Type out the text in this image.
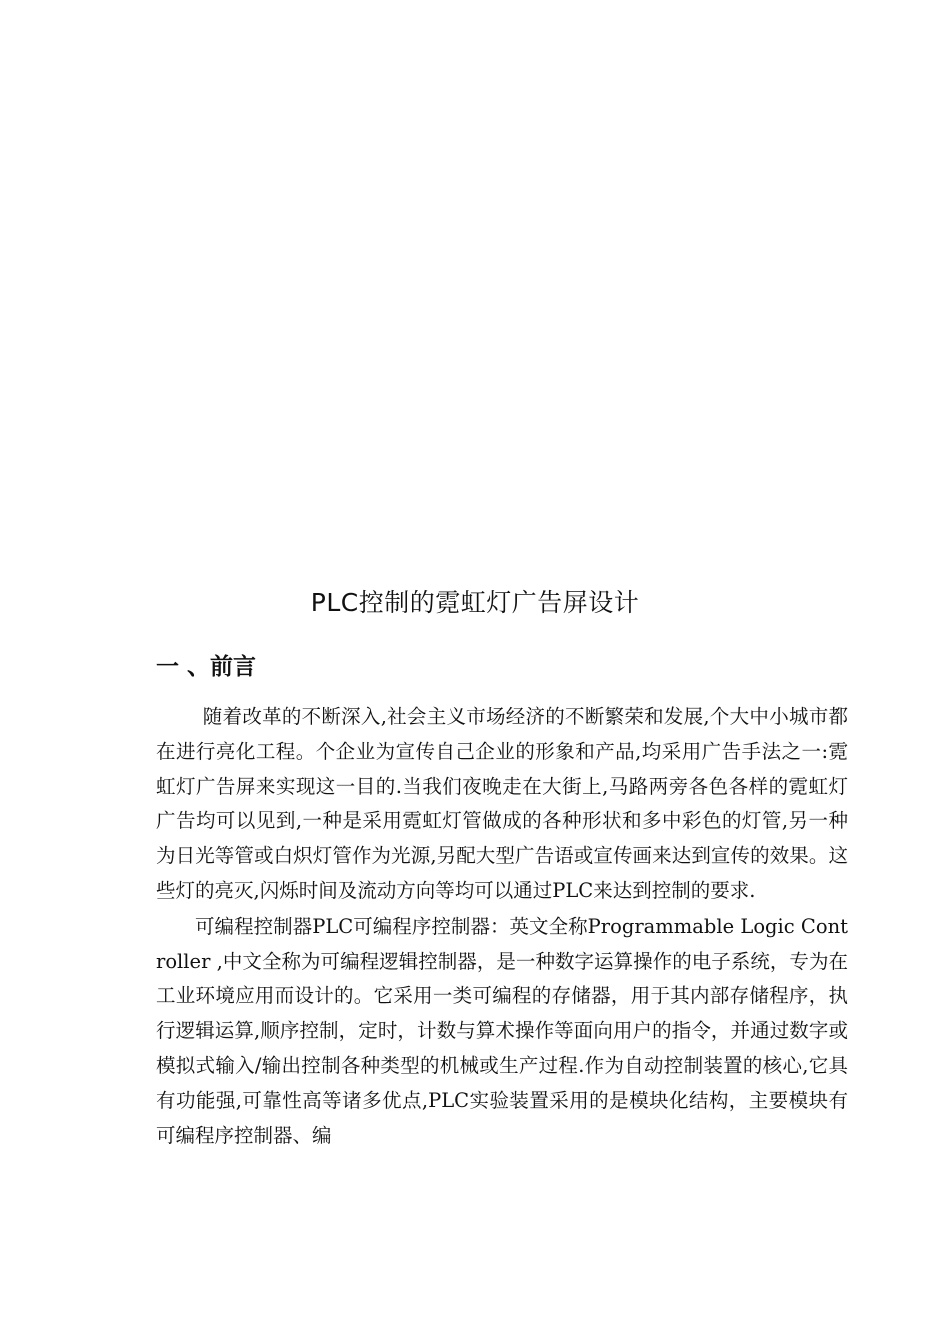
PLC控制的霓虹灯广告屏设计
一 、前言

随着改革的不断深入,社会主义市场经济的不断繁荣和发展,个大中小城市都在进行亮化工程。个企业为宣传自己企业的形象和产品,均采用广告手法之一:霓虹灯广告屏来实现这一目的.当我们夜晚走在大街上,马路两旁各色各样的霓虹灯广告均可以见到,一种是采用霓虹灯管做成的各种形状和多中彩色的灯管,另一种为日光等管或白炽灯管作为光源,另配大型广告语或宣传画来达到宣传的效果。这些灯的亮灭,闪烁时间及流动方向等均可以通过PLC来达到控制的要求.

可编程控制器PLC可编程序控制器：英文全称Programmable Logic Controller ,中文全称为可编程逻辑控制器，是一种数字运算操作的电子系统，专为在工业环境应用而设计的。它采用一类可编程的存储器，用于其内部存储程序，执行逻辑运算,顺序控制，定时，计数与算术操作等面向用户的指令，并通过数字或模拟式输入/输出控制各种类型的机械或生产过程.作为自动控制装置的核心,它具有功能强,可靠性高等诸多优点,PLC实验装置采用的是模块化结构，主要模块有可编程序控制器、编
